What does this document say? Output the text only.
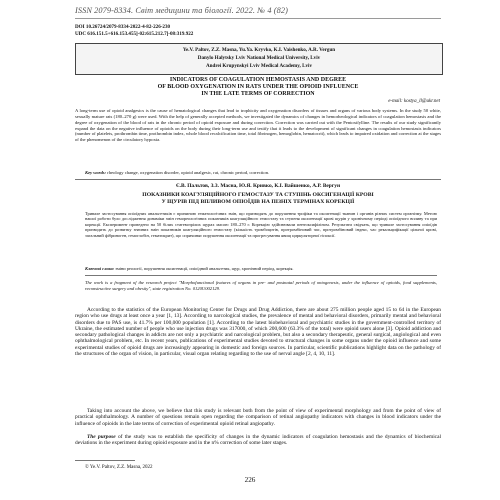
ISSN 2079-8334. Світ медицини та біології. 2022. № 4 (82)
DOI 10.26724/2079-8334-2022-4-82-226-230
UDC 616.151.5+616.153.455]-02:615.212.7]-08:319.922
Ye.V. Paltov, Z.Z. Masna, Yu.Ya. Kryvko, K.I. Vaishenko, A.R. Vergun
Danylo Halytsky Lviv National Medical University, Lviv
Andrei Krupynskyi Lviv Medical Academy, Lviv
INDICATORS OF COAGULATION HEMOSTASIS AND DEGREE
OF BLOOD OXYGENATION IN RATS UNDER THE OPIOID INFLUENCE
IN THE LATE TERMS OF CORRECTION
e-mail: kostya_ll@ukr.net
A long-term use of opioid analgesics is the cause of hematological changes that lead to trophicity and oxygenation disorders of tissues and organs of various body systems. In the study 50 white, sexually mature rats (180–270 g) were used. With the help of generally accepted methods, we investigated the dynamics of changes in hemorheological indicators of coagulation hemostasis and the degree of oxygenation of the blood of rats in the chronic period of opioid exposure and during correction. Correction was carried out with the Pentoxifylline. The results of our study significantly expand the data on the negative influence of opioids on the body during their long-term use and testify that it leads to the development of significant changes in coagulation hemostasis indicators (number of platelets, prothrombin time, prothrombin index, whole blood recalcification time, total fibrinogen, hemoglobin, hematocrit), which leads to impaired oxidation and correction at the stages of the phenomenon of the circulatory hypoxia.
Key words: rheology change, oxygenation disorder, opioid analgesic, rat, chronic period, correction.
Є.В. Пальтов, З.З. Масна, Ю.Я. Кривко, К.І. Вайшенко, А.Р. Вергун
ПОКАЗНИКИ КОАГУЛЯЦІЙНОГО ГЕМОСТАЗУ ТА СТУПІНЬ ОКСИГЕНАЦІЇ КРОВІ
У ЩУРІВ ПІД ВПЛИВОМ ОПІОЇДІВ НА ПІЗНІХ ТЕРМІНАХ КОРЕКЦІЇ
Тривале застосування опіоїдних анальгетиків є причиною гематологічних змін, що призводять до порушення трофіки та оксигенації тканин і органів різних систем організму. Метою нашої роботи було дослідження динаміки змін гемореологічних показників коагуляційного гемостазу та ступеня оксигенації крові щурів у хронічному періоді опіоїдного впливу та при корекції. Експеримент проведено на 50 білих статевозрілих щурах масою 180–270 г. Корекцію здійснювали пентоксифіліном. Результати свідчать, що тривале застосування опіоїдів призводить до розвитку значних змін показників коагуляційного гемостазу (кількість тромбоцитів, протромбіновий час, протромбіновий індекс, час рекальцифікації цільної крові, загальний фібриноген, гемоглобін, гематокрит), що спричиняє порушення оксигенації та прогресування явищ циркуляторної гіпоксії.
Ключові слова: зміни реології, порушення оксигенації, опіоїдний анальгетик, щур, хронічний період, корекція.
The work is a fragment of the research project "Morphofunctional features of organs in pre- and postnatal periods of ontogenesis, under the influence of opioids, food supplements, reconstructive surgery and obesity", state registration No. 0120U002129.
According to the statistics of the European Monitoring Center for Drugs and Drug Addiction, there are about 275 million people aged 15 to 64 in the European region who use drugs at least once a year [1, 13]. According to narcological studies, the prevalence of mental and behavioral disorders, primarily mental and behavioral disorders due to PAS use, is 41.7% per 100,000 population [1]. According to the latest biobehavioral and psychiatric studies in the government-controlled territory of Ukraine, the estimated number of people who use injection drugs was 317000, of which 200,600 (63.3% of the total) were opioid users alone [3]. Opioid addiction and secondary pathological changes in addicts are not only a psychiatric and narcological problem, but also a secondary therapeutic, general surgical, angiological and even ophthalmological problem, etc. In recent years, publications of experimental studies devoted to structural changes in some organs under the opioid influence and some experimental studies of opioid drugs are increasingly appearing in domestic and foreign sources. In particular, scientific publications highlight data on the pathology of the structures of the organ of vision, in particular, visual organ relating regarding to the use of nerval angle [2, 4, 10, 11].
Taking into account the above, we believe that this study is relevant both from the point of view of experimental morphology and from the point of view of practical ophthalmology. A number of questions remain open regarding the comparison of retinal angiopathy indicators with changes in blood indicators under the influence of opioids in the late terms of correction of experimental opioid retinal angiopathy.
The purpose of the study was to establish the specificity of changes in the dynamic indicators of coagulation hemostasis and the dynamics of biochemical deviations in the experiment during opioid exposure and in the n% correction of some later stages.
© Ye.V. Paltov, Z.Z. Masna, 2022
226
